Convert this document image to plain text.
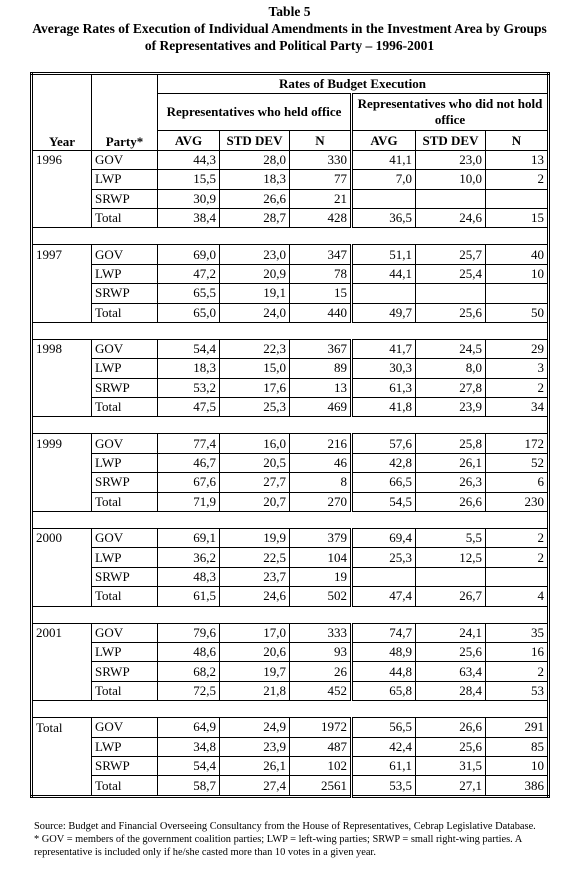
Table 5
Average Rates of Execution of Individual Amendments in the Investment Area by Groups
of Representatives and Political Party – 1996-2001
Year	Party*	Rates of Budget Execution					
		Representatives who held office			Representatives who did not hold office		
		AVG	STD DEV	N	AVG	STD DEV	N
1996	GOV	44,3	28,0	330	41,1	23,0	13
	LWP	15,5	18,3	77	7,0	10,0	2
	SRWP	30,9	26,6	21			
	Total	38,4	28,7	428	36,5	24,6	15

1997	GOV	69,0	23,0	347	51,1	25,7	40
	LWP	47,2	20,9	78	44,1	25,4	10
	SRWP	65,5	19,1	15			
	Total	65,0	24,0	440	49,7	25,6	50

1998	GOV	54,4	22,3	367	41,7	24,5	29
	LWP	18,3	15,0	89	30,3	8,0	3
	SRWP	53,2	17,6	13	61,3	27,8	2
	Total	47,5	25,3	469	41,8	23,9	34

1999	GOV	77,4	16,0	216	57,6	25,8	172
	LWP	46,7	20,5	46	42,8	26,1	52
	SRWP	67,6	27,7	8	66,5	26,3	6
	Total	71,9	20,7	270	54,5	26,6	230

2000	GOV	69,1	19,9	379	69,4	5,5	2
	LWP	36,2	22,5	104	25,3	12,5	2
	SRWP	48,3	23,7	19			
	Total	61,5	24,6	502	47,4	26,7	4

2001	GOV	79,6	17,0	333	74,7	24,1	35
	LWP	48,6	20,6	93	48,9	25,6	16
	SRWP	68,2	19,7	26	44,8	63,4	2
	Total	72,5	21,8	452	65,8	28,4	53

Total	GOV	64,9	24,9	1972	56,5	26,6	291
	LWP	34,8	23,9	487	42,4	25,6	85
	SRWP	54,4	26,1	102	61,1	31,5	10
	Total	58,7	27,4	2561	53,5	27,1	386
Source: Budget and Financial Overseeing Consultancy from the House of Representatives, Cebrap Legislative Database.
* GOV = members of the government coalition parties; LWP = left-wing parties; SRWP = small right-wing parties. A representative is included only if he/she casted more than 10 votes in a given year.
